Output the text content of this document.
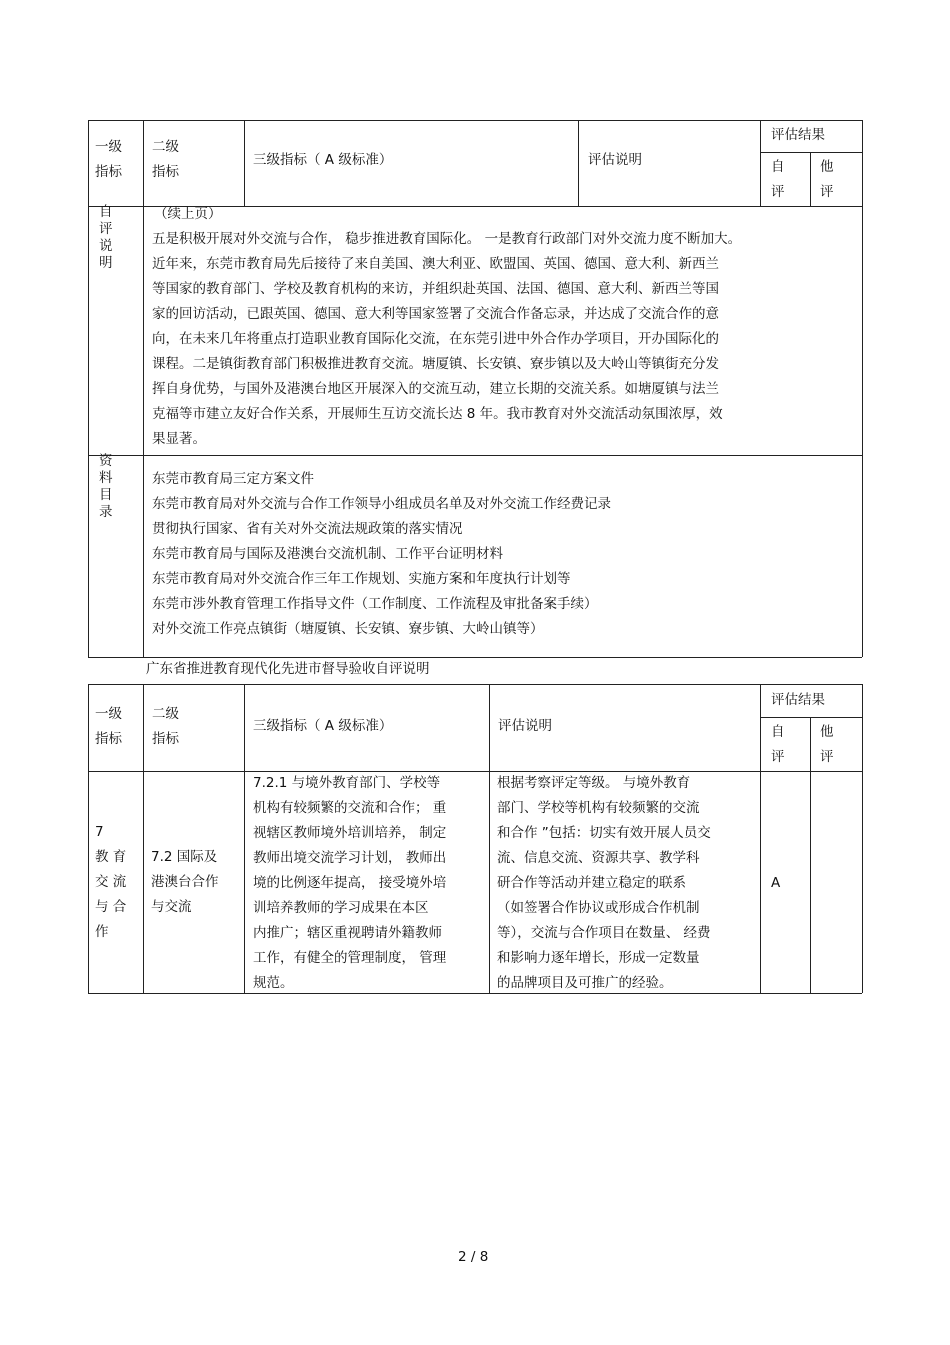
一级
指标
二级
指标
三级指标（ A 级标准）	评估说明
评估结果
自
评
他
评
自
评
说
明
（续上页）
五是积极开展对外交流与合作， 稳步推进教育国际化。 一是教育行政部门对外交流力度不断加大。
近年来，东莞市教育局先后接待了来自美国、澳大利亚、欧盟国、英国、德国、意大利、新西兰
等国家的教育部门、学校及教育机构的来访，并组织赴英国、法国、德国、意大利、新西兰等国
家的回访活动，已跟英国、德国、意大利等国家签署了交流合作备忘录，并达成了交流合作的意
向，在未来几年将重点打造职业教育国际化交流，在东莞引进中外合作办学项目，开办国际化的
课程。二是镇街教育部门积极推进教育交流。塘厦镇、长安镇、寮步镇以及大岭山等镇街充分发
挥自身优势，与国外及港澳台地区开展深入的交流互动，建立长期的交流关系。如塘厦镇与法兰
克福等市建立友好合作关系，开展师生互访交流长达 8 年。我市教育对外交流活动氛围浓厚，效
果显著。
资
料
目
录
东莞市教育局三定方案文件
东莞市教育局对外交流与合作工作领导小组成员名单及对外交流工作经费记录
贯彻执行国家、省有关对外交流法规政策的落实情况
东莞市教育局与国际及港澳台交流机制、工作平台证明材料
东莞市教育局对外交流合作三年工作规划、实施方案和年度执行计划等
东莞市涉外教育管理工作指导文件（工作制度、工作流程及审批备案手续）
对外交流工作亮点镇街（塘厦镇、长安镇、寮步镇、大岭山镇等）
广东省推进教育现代化先进市督导验收自评说明
一级
指标
二级
指标
三级指标（ A 级标准）	评估说明
评估结果
自
评
他
评
7
教 育
交 流
与 合
作
7.2 国际及
港澳台合作
与交流
7.2.1 与境外教育部门、学校等
机构有较频繁的交流和合作； 重
视辖区教师境外培训培养， 制定
教师出境交流学习计划， 教师出
境的比例逐年提高， 接受境外培
训培养教师的学习成果在本区
内推广；辖区重视聘请外籍教师
工作，有健全的管理制度， 管理
规范。
根据考察评定等级。 与境外教育
部门、学校等机构有较频繁的交流
和合作 ”包括：切实有效开展人员交
流、信息交流、资源共享、教学科
研合作等活动并建立稳定的联系
（如签署合作协议或形成合作机制
等），交流与合作项目在数量、 经费
和影响力逐年增长，形成一定数量
的品牌项目及可推广的经验。
A
2 / 8
